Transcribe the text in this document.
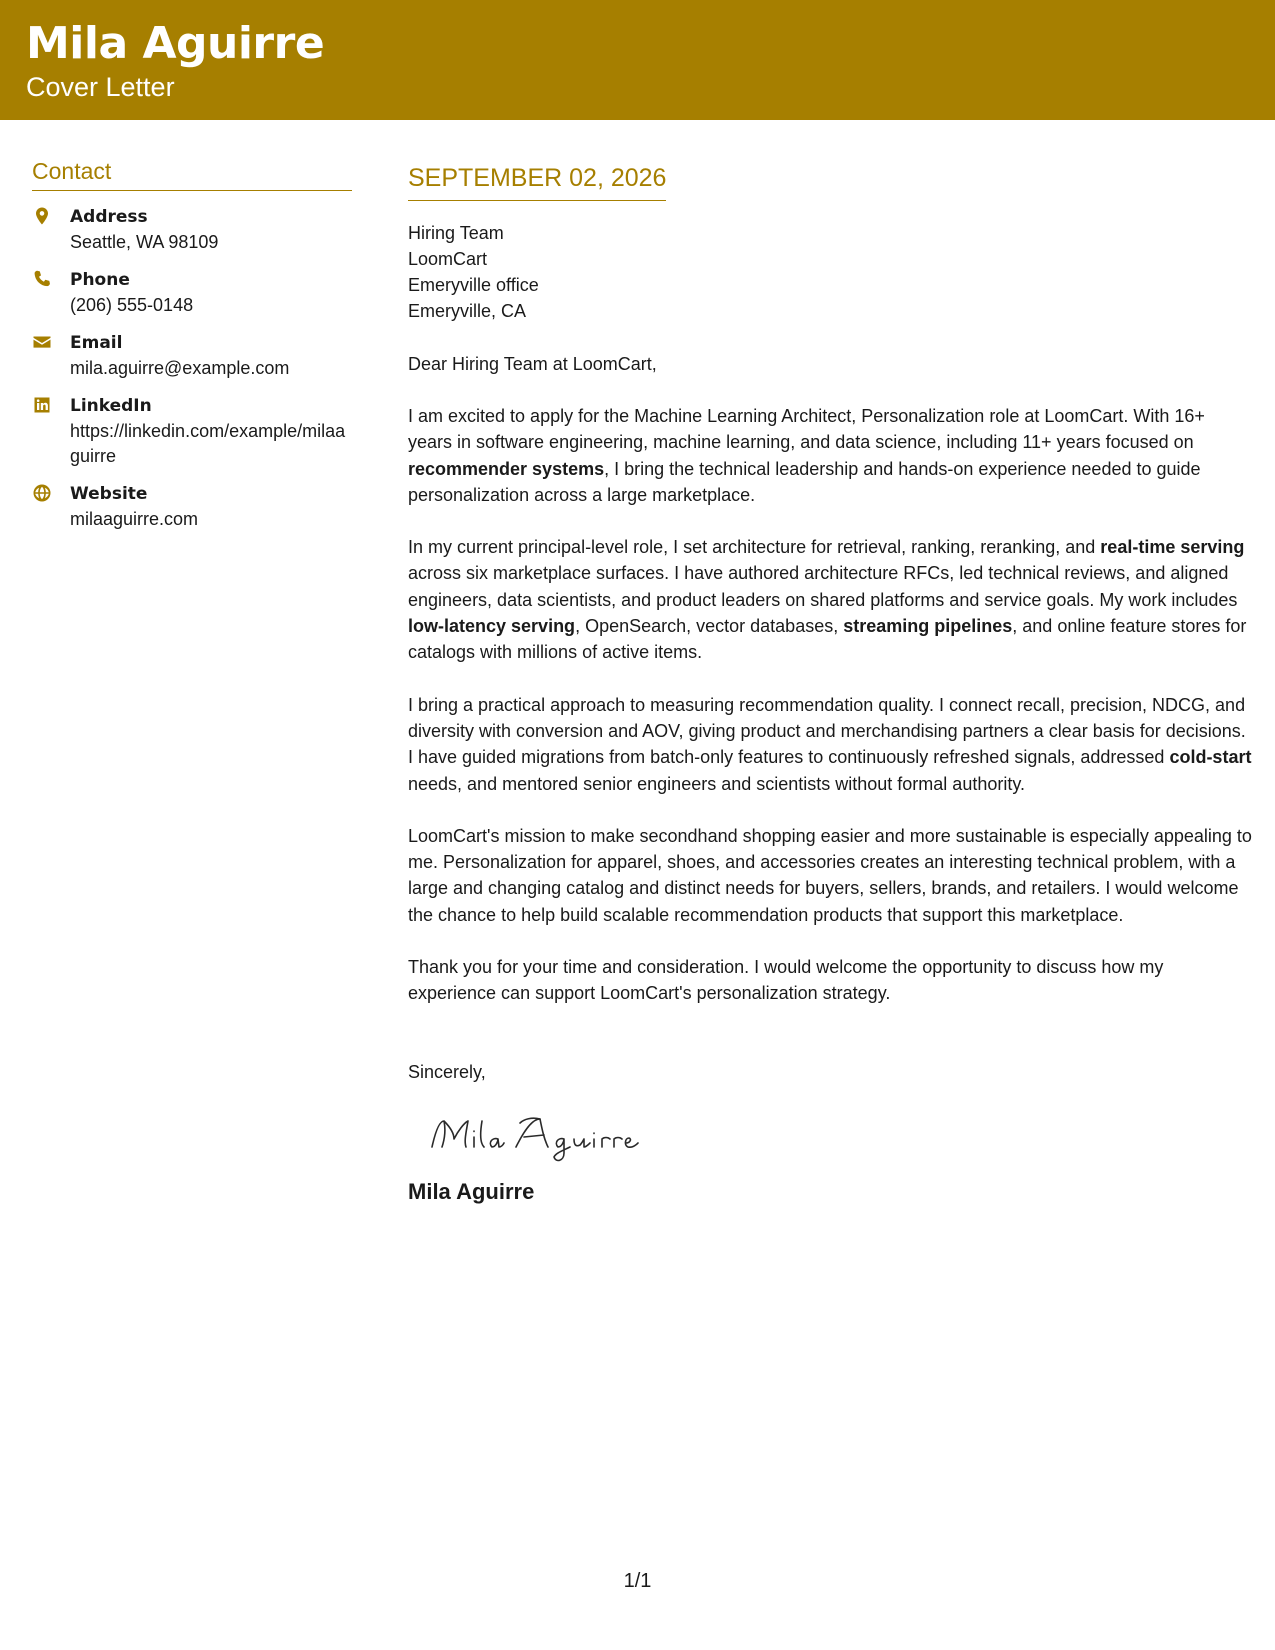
Mila Aguirre
Cover Letter
Contact
Address
Seattle, WA 98109
Phone
(206) 555-0148
Email
mila.aguirre@example.com
LinkedIn
https://linkedin.com/example/milaaguirre
Website
milaaguirre.com
SEPTEMBER 02, 2026
Hiring Team
LoomCart
Emeryville office
Emeryville, CA
Dear Hiring Team at LoomCart,
I am excited to apply for the Machine Learning Architect, Personalization role at LoomCart. With 16+ years in software engineering, machine learning, and data science, including 11+ years focused on recommender systems, I bring the technical leadership and hands-on experience needed to guide personalization across a large marketplace.
In my current principal-level role, I set architecture for retrieval, ranking, reranking, and real-time serving across six marketplace surfaces. I have authored architecture RFCs, led technical reviews, and aligned engineers, data scientists, and product leaders on shared platforms and service goals. My work includes low-latency serving, OpenSearch, vector databases, streaming pipelines, and online feature stores for catalogs with millions of active items.
I bring a practical approach to measuring recommendation quality. I connect recall, precision, NDCG, and diversity with conversion and AOV, giving product and merchandising partners a clear basis for decisions. I have guided migrations from batch-only features to continuously refreshed signals, addressed cold-start needs, and mentored senior engineers and scientists without formal authority.
LoomCart's mission to make secondhand shopping easier and more sustainable is especially appealing to me. Personalization for apparel, shoes, and accessories creates an interesting technical problem, with a large and changing catalog and distinct needs for buyers, sellers, brands, and retailers. I would welcome the chance to help build scalable recommendation products that support this marketplace.
Thank you for your time and consideration. I would welcome the opportunity to discuss how my experience can support LoomCart's personalization strategy.
Sincerely,
Mila Aguirre
1/1
